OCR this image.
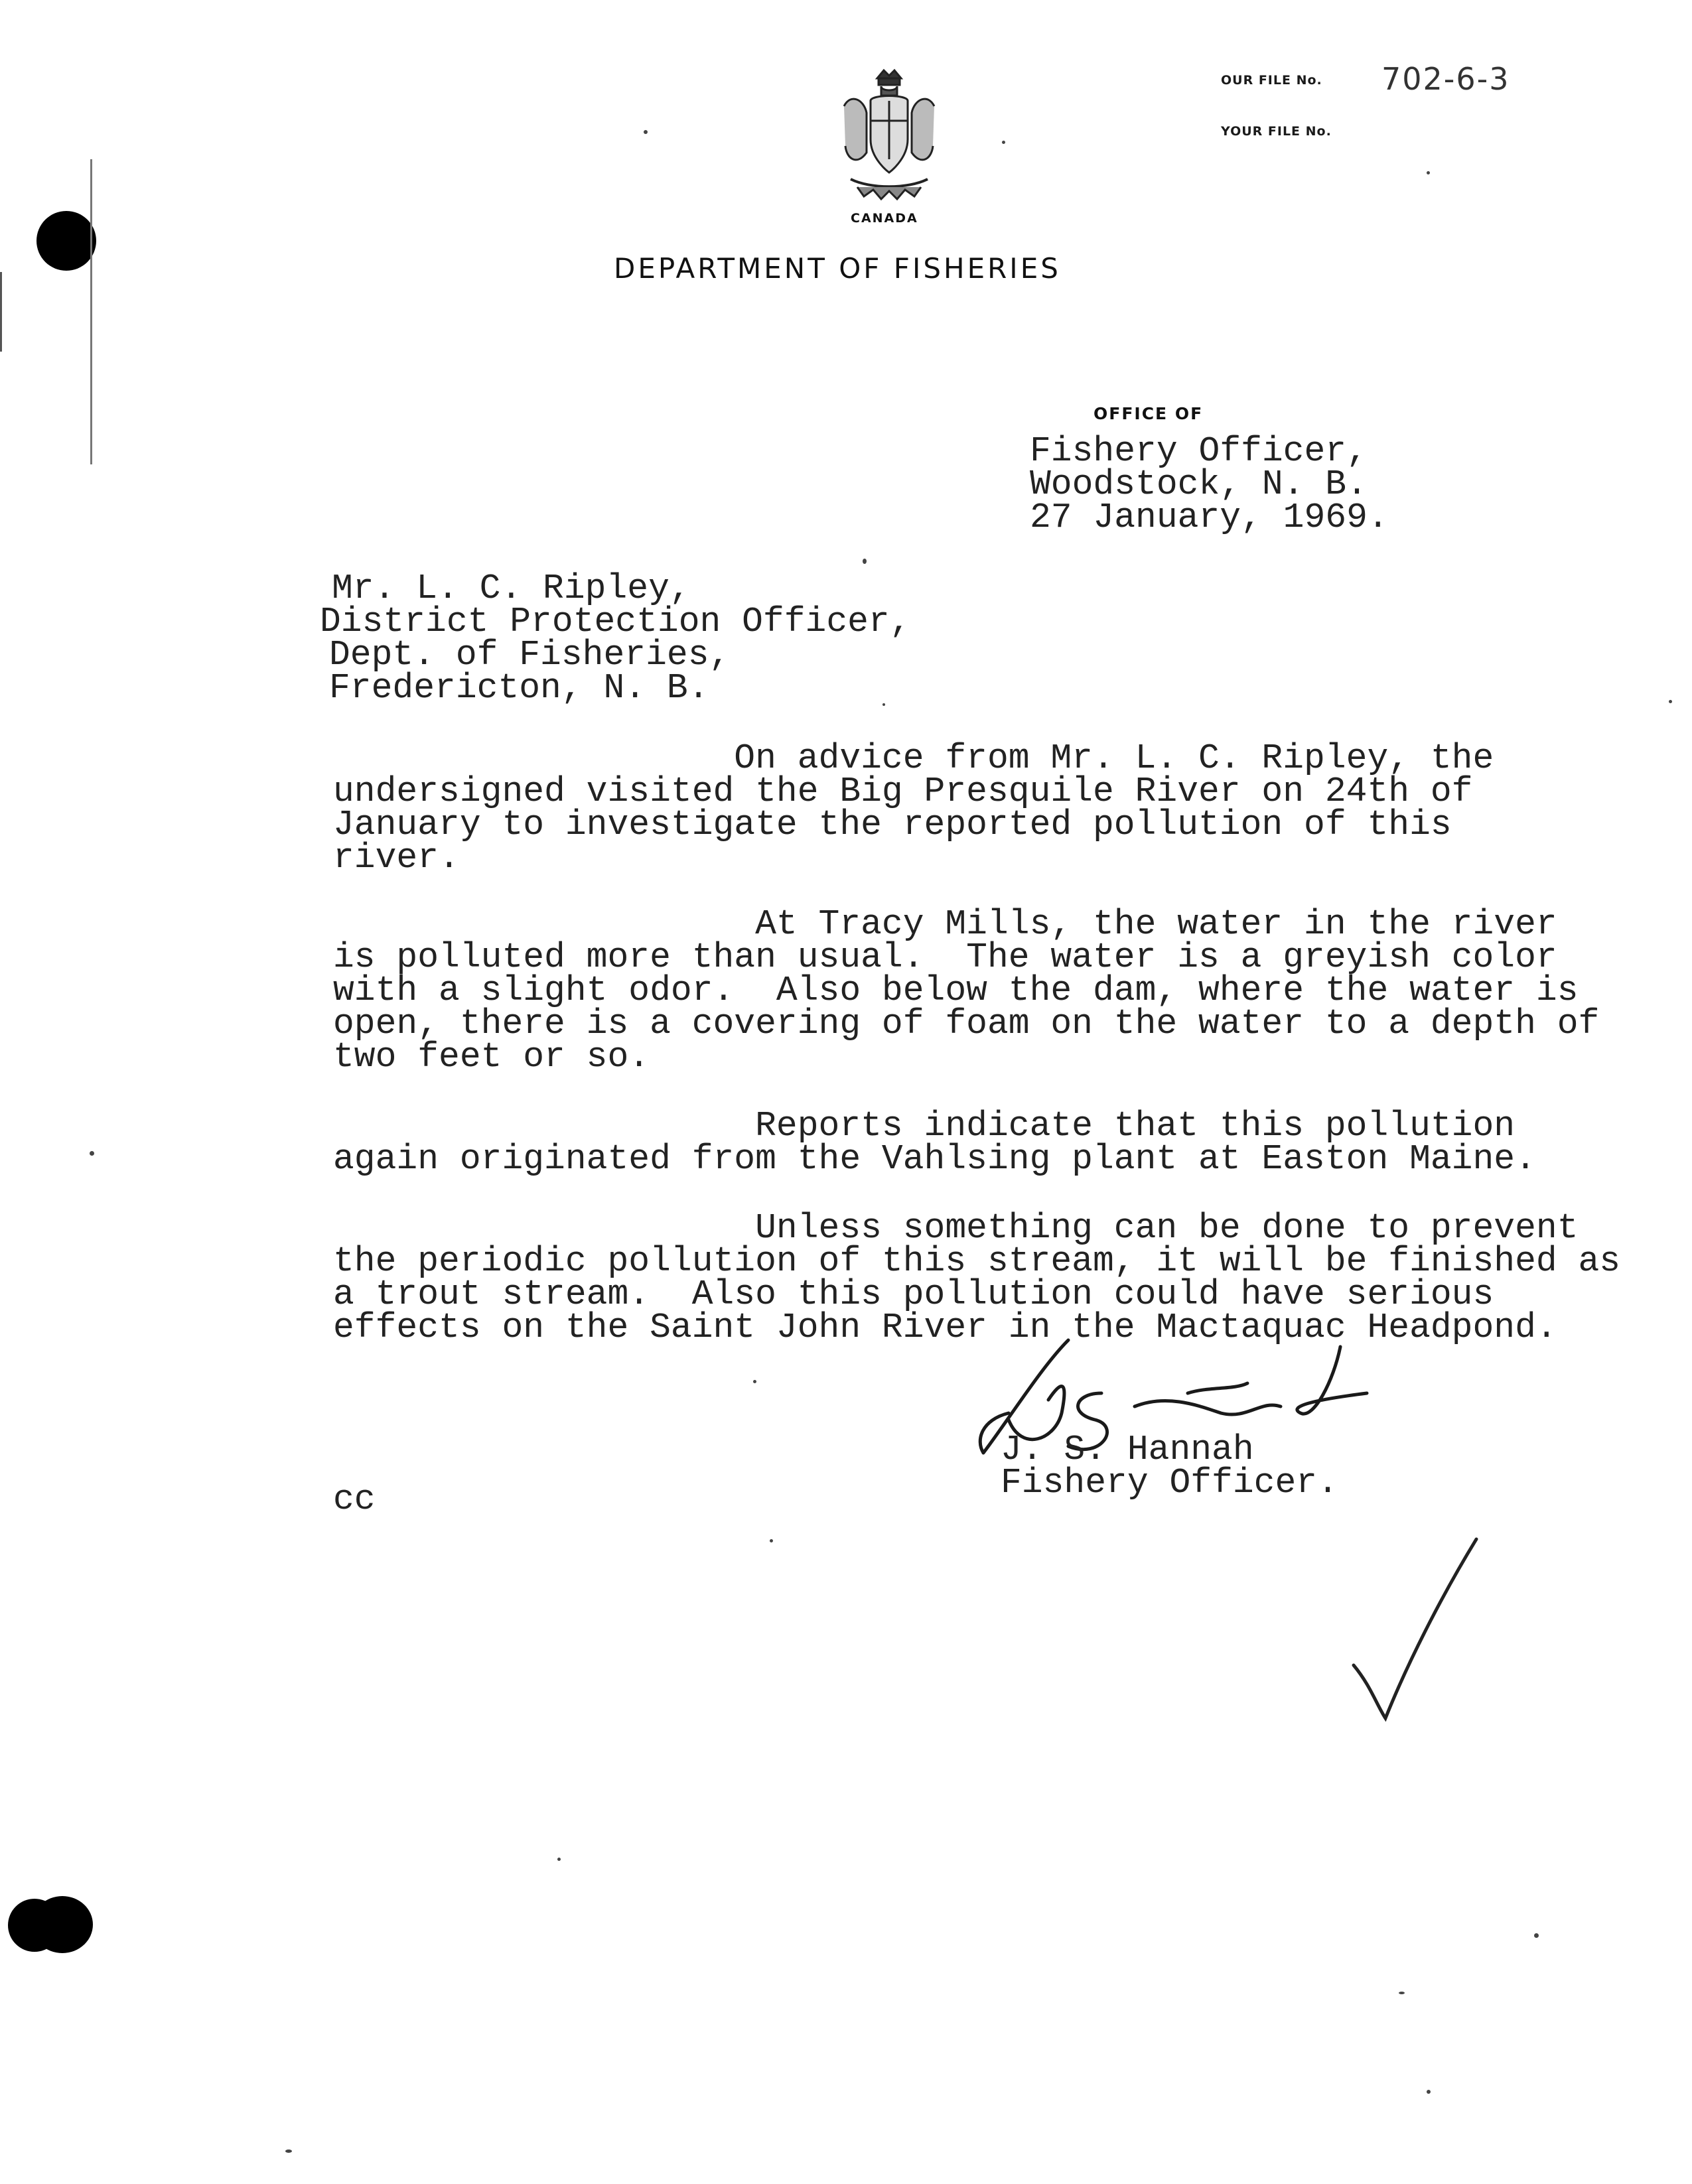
CANADA
OUR FILE No. 702-6-3
YOUR FILE No.
DEPARTMENT OF FISHERIES
OFFICE OF
Fishery Officer,
Woodstock, N. B.
27 January, 1969.
Mr. L. C. Ripley,
District Protection Officer,
Dept. of Fisheries,
Fredericton, N. B.
On advice from Mr. L. C. Ripley, the
undersigned visited the Big Presquile River on 24th of
January to investigate the reported pollution of this
river.
At Tracy Mills, the water in the river
is polluted more than usual.  The water is a greyish color
with a slight odor.  Also below the dam, where the water is
open, there is a covering of foam on the water to a depth of
two feet or so.
Reports indicate that this pollution
again originated from the Vahlsing plant at Easton Maine.
Unless something can be done to prevent
the periodic pollution of this stream, it will be finished as
a trout stream.  Also this pollution could have serious
effects on the Saint John River in the Mactaquac Headpond.
J. S. Hannah
Fishery Officer.
cc
